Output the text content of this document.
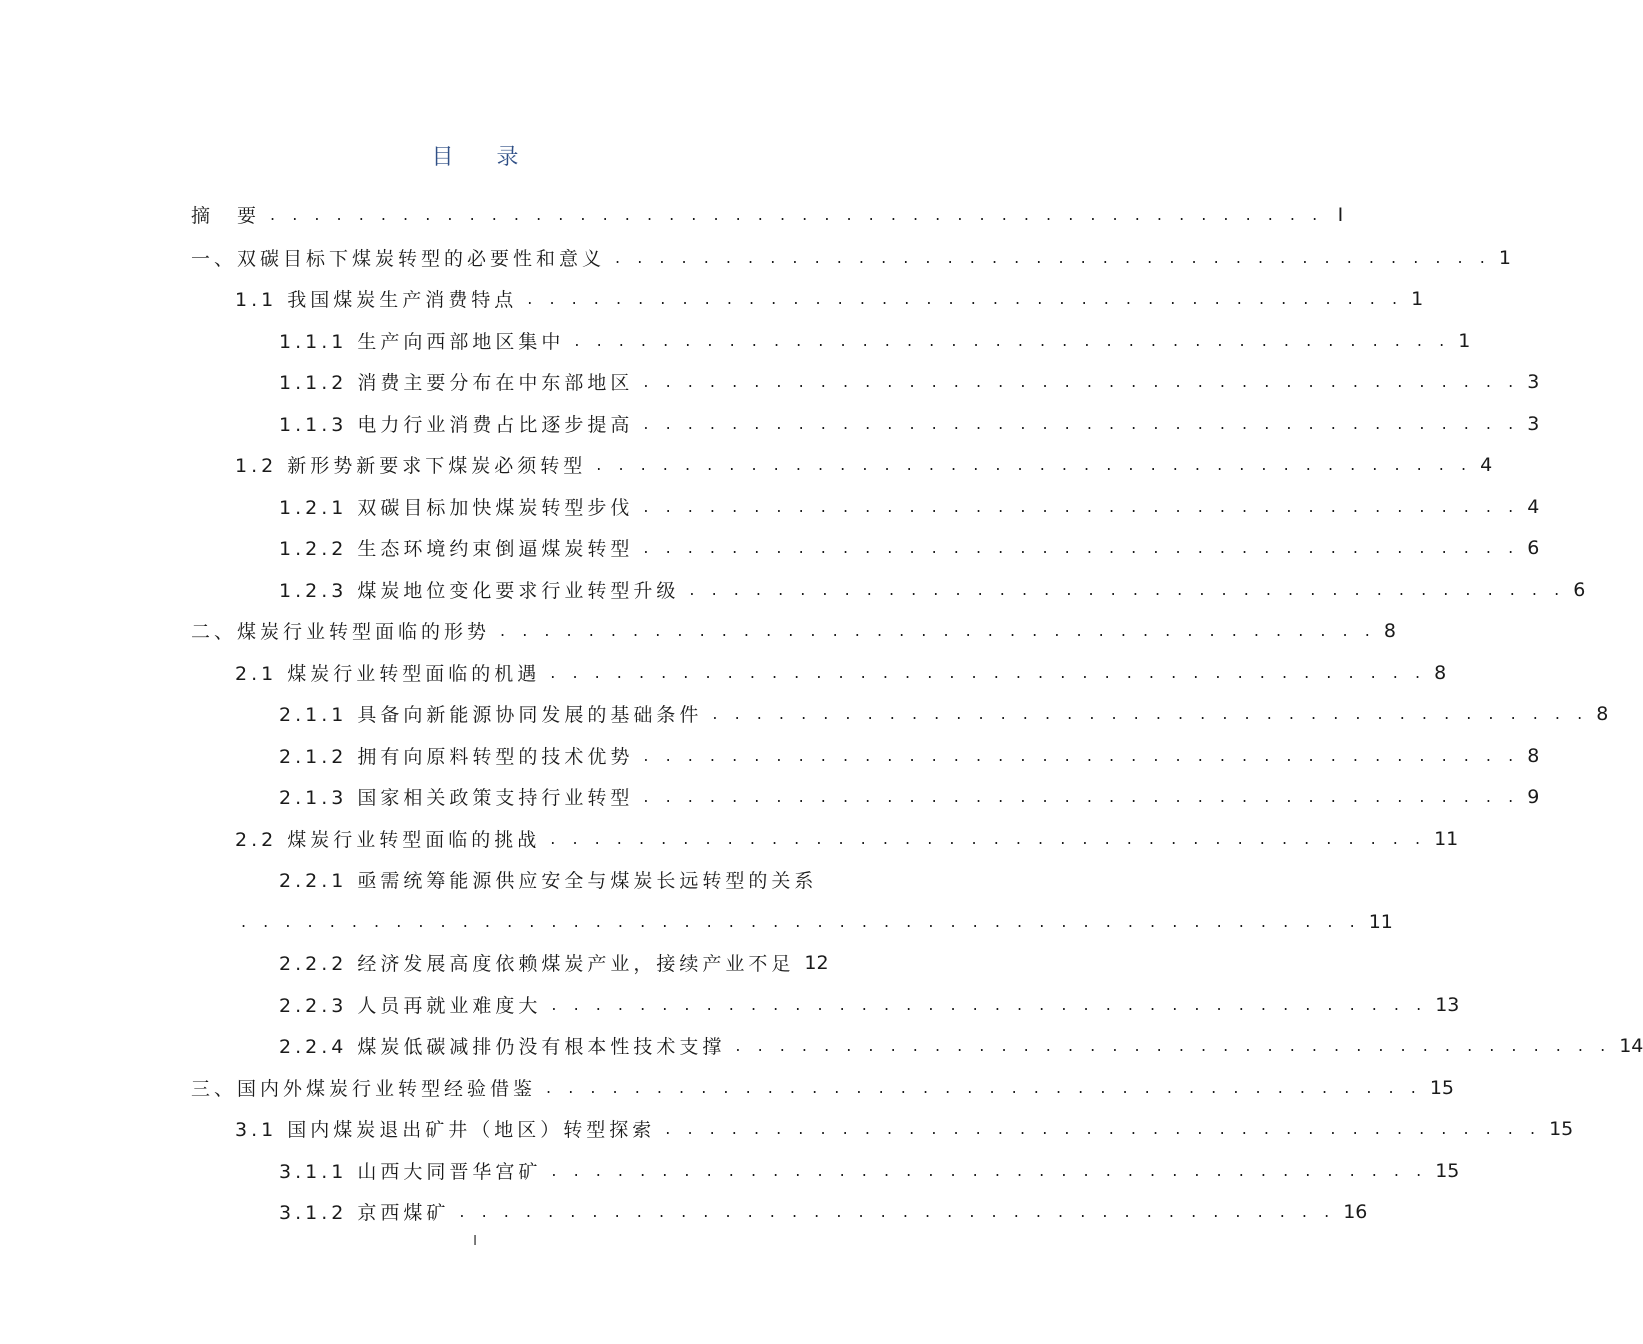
目 录
摘　要 . . . . . . . . . . . . . . . . . . . . . . . . . . . . . . . . . . . . . . . . . . . . . . . . I
一、双碳目标下煤炭转型的必要性和意义 . . . . . . . . . . . . . . . . . . . . . . . . . . . . . . . . . . . . . . . . 1
1.1 我国煤炭生产消费特点 . . . . . . . . . . . . . . . . . . . . . . . . . . . . . . . . . . . . . . . . 1
1.1.1 生产向西部地区集中 . . . . . . . . . . . . . . . . . . . . . . . . . . . . . . . . . . . . . . . . 1
1.1.2 消费主要分布在中东部地区 . . . . . . . . . . . . . . . . . . . . . . . . . . . . . . . . . . . . . . . . 3
1.1.3 电力行业消费占比逐步提高 . . . . . . . . . . . . . . . . . . . . . . . . . . . . . . . . . . . . . . . . 3
1.2 新形势新要求下煤炭必须转型 . . . . . . . . . . . . . . . . . . . . . . . . . . . . . . . . . . . . . . . . 4
1.2.1 双碳目标加快煤炭转型步伐 . . . . . . . . . . . . . . . . . . . . . . . . . . . . . . . . . . . . . . . . 4
1.2.2 生态环境约束倒逼煤炭转型 . . . . . . . . . . . . . . . . . . . . . . . . . . . . . . . . . . . . . . . . 6
1.2.3 煤炭地位变化要求行业转型升级 . . . . . . . . . . . . . . . . . . . . . . . . . . . . . . . . . . . . . . . . 6
二、煤炭行业转型面临的形势 . . . . . . . . . . . . . . . . . . . . . . . . . . . . . . . . . . . . . . . . 8
2.1 煤炭行业转型面临的机遇 . . . . . . . . . . . . . . . . . . . . . . . . . . . . . . . . . . . . . . . . 8
2.1.1 具备向新能源协同发展的基础条件 . . . . . . . . . . . . . . . . . . . . . . . . . . . . . . . . . . . . . . . . 8
2.1.2 拥有向原料转型的技术优势 . . . . . . . . . . . . . . . . . . . . . . . . . . . . . . . . . . . . . . . . 8
2.1.3 国家相关政策支持行业转型 . . . . . . . . . . . . . . . . . . . . . . . . . . . . . . . . . . . . . . . . 9
2.2 煤炭行业转型面临的挑战 . . . . . . . . . . . . . . . . . . . . . . . . . . . . . . . . . . . . . . . . 11
2.2.1 亟需统筹能源供应安全与煤炭长远转型的关系
. . . . . . . . . . . . . . . . . . . . . . . . . . . . . . . . . . . . . . . . . . . . . . . . . . . 11
2.2.2 经济发展高度依赖煤炭产业，接续产业不足 12
2.2.3 人员再就业难度大 . . . . . . . . . . . . . . . . . . . . . . . . . . . . . . . . . . . . . . . . 13
2.2.4 煤炭低碳减排仍没有根本性技术支撑 . . . . . . . . . . . . . . . . . . . . . . . . . . . . . . . . . . . . . . . . 14
三、国内外煤炭行业转型经验借鉴 . . . . . . . . . . . . . . . . . . . . . . . . . . . . . . . . . . . . . . . . 15
3.1 国内煤炭退出矿井（地区）转型探索 . . . . . . . . . . . . . . . . . . . . . . . . . . . . . . . . . . . . . . . . 15
3.1.1 山西大同晋华宫矿 . . . . . . . . . . . . . . . . . . . . . . . . . . . . . . . . . . . . . . . . 15
3.1.2 京西煤矿 . . . . . . . . . . . . . . . . . . . . . . . . . . . . . . . . . . . . . . . . 16
I
